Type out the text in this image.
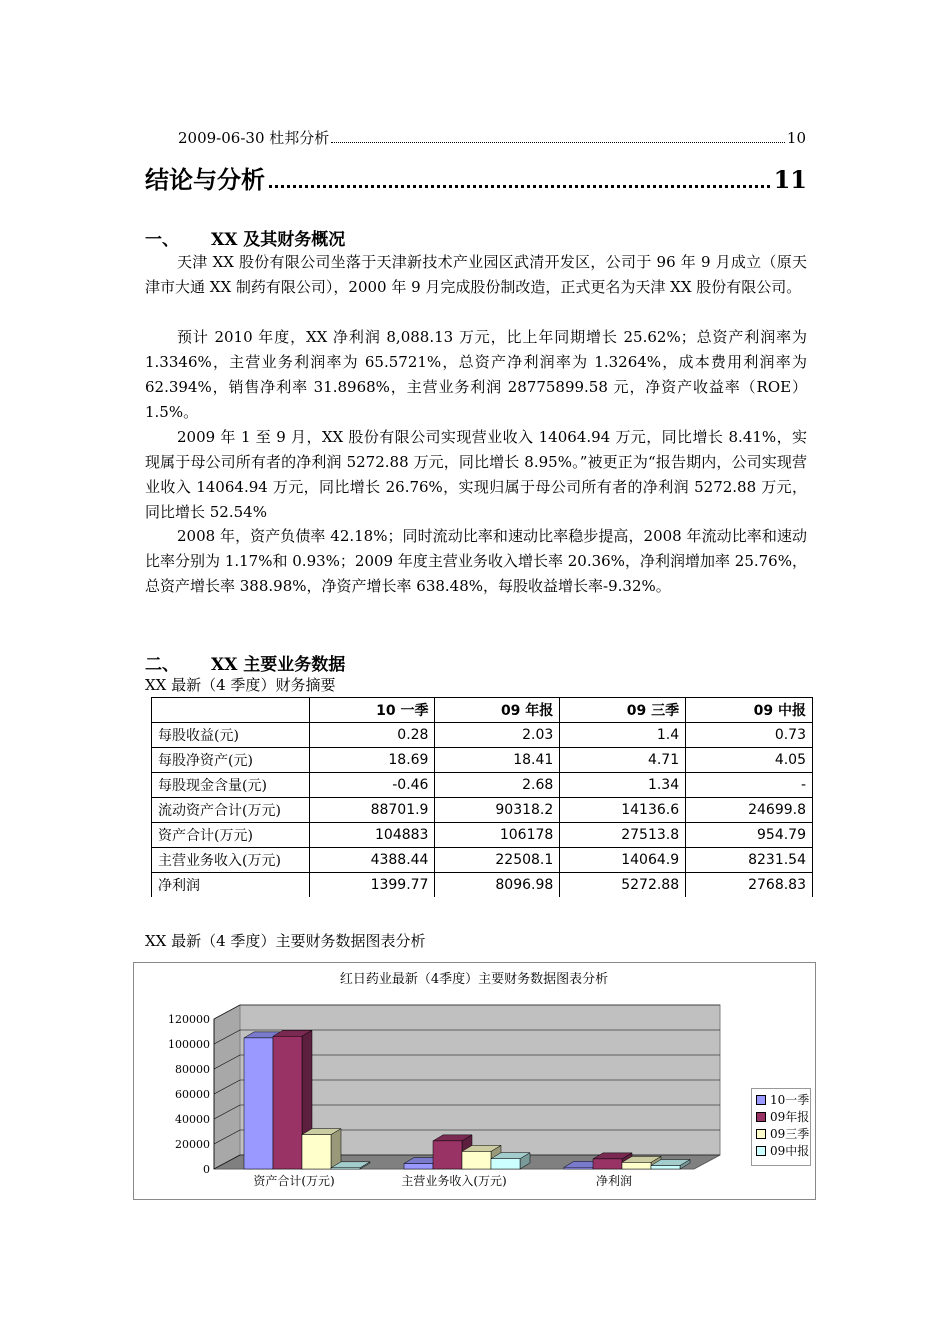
2009-06-30 杜邦分析	10
结论与分析	11
一、 XX 及其财务概况

天津 XX 股份有限公司坐落于天津新技术产业园区武清开发区，公司于 96 年 9 月成立（原天津市大通 XX 制药有限公司），2000 年 9 月完成股份制改造，正式更名为天津 XX 股份有限公司。

预计 2010 年度，XX 净利润 8,088.13 万元，比上年同期增长 25.62%；总资产利润率为 1.3346%，主营业务利润率为 65.5721%，总资产净利润率为 1.3264%，成本费用利润率为 62.394%，销售净利率 31.8968%，主营业务利润 28775899.58 元，净资产收益率（ROE）1.5%。

2009 年 1 至 9 月，XX 股份有限公司实现营业收入 14064.94 万元，同比增长 8.41%，实现属于母公司所有者的净利润 5272.88 万元，同比增长 8.95%。”被更正为“报告期内，公司实现营业收入 14064.94 万元，同比增长 26.76%，实现归属于母公司所有者的净利润 5272.88 万元，同比增长 52.54%

2008 年，资产负债率 42.18%；同时流动比率和速动比率稳步提高，2008 年流动比率和速动比率分别为 1.17%和 0.93%；2009 年度主营业务收入增长率 20.36%，净利润增加率 25.76%，总资产增长率 388.98%，净资产增长率 638.48%，每股收益增长率-9.32%。

二、 XX 主要业务数据
XX 最新（4 季度）财务摘要
	10 一季	09 年报	09 三季	09 中报
每股收益(元)	0.28	2.03	1.4	0.73
每股净资产(元)	18.69	18.41	4.71	4.05
每股现金含量(元)	-0.46	2.68	1.34	-
流动资产合计(万元)	88701.9	90318.2	14136.6	24699.8
资产合计(万元)	104883	106178	27513.8	954.79
主营业务收入(万元)	4388.44	22508.1	14064.9	8231.54
净利润	1399.77	8096.98	5272.88	2768.83
XX 最新（4 季度）主要财务数据图表分析
红日药业最新（4季度）主要财务数据图表分析
0
20000
40000
60000
80000
100000
120000
资产合计(万元)	主营业务收入(万元)	净利润
10一季
09年报
09三季
09中报
